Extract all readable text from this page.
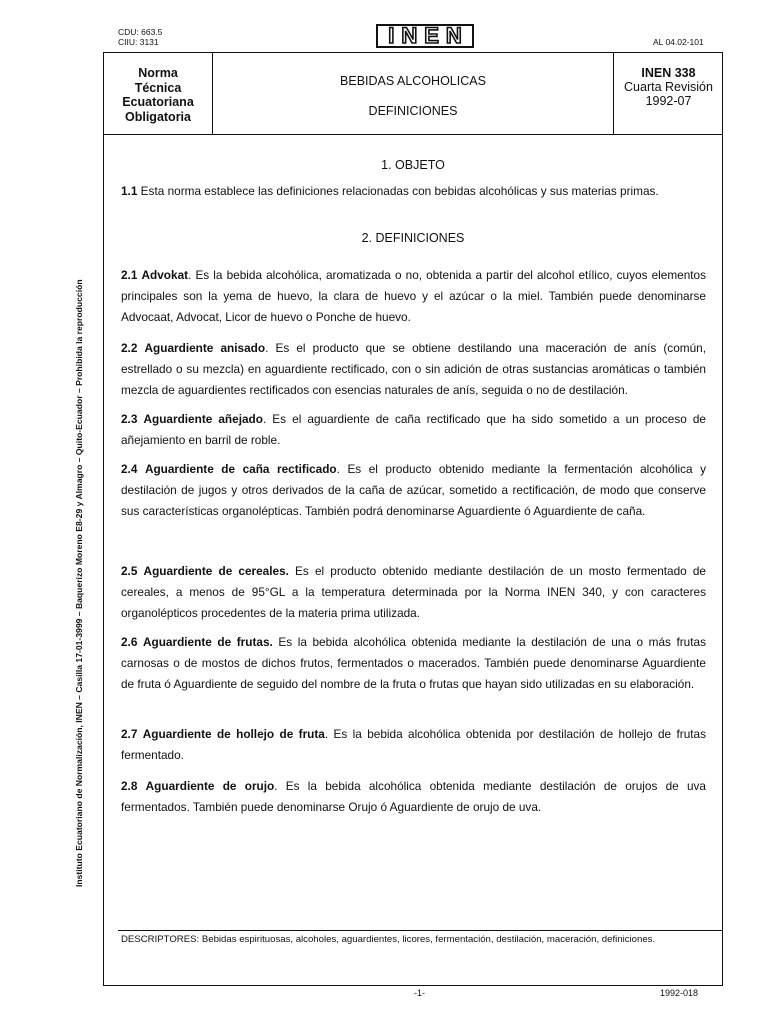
CDU: 663.5
CIIU: 3131	INEN	AL 04.02-101
Norma
Técnica
Ecuatoriana
Obligatoria
BEBIDAS ALCOHOLICAS
DEFINICIONES
INEN 338
Cuarta Revisión
1992-07
1. OBJETO

1.1 Esta norma establece las definiciones relacionadas con bebidas alcohólicas y sus materias primas.

2. DEFINICIONES

2.1 Advokat. Es la bebida alcohólica, aromatizada o no, obtenida a partir del alcohol etílico, cuyos elementos principales son la yema de huevo, la clara de huevo y el azúcar o la miel. También puede denominarse Advocaat, Advocat, Licor de huevo o Ponche de huevo.

2.2 Aguardiente anisado. Es el producto que se obtiene destilando una maceración de anís (común, estrellado o su mezcla) en aguardiente rectificado, con o sin adición de otras sustancias aromáticas o también mezcla de aguardientes rectificados con esencias naturales de anís, seguida o no de destilación.

2.3 Aguardiente añejado. Es el aguardiente de caña rectificado que ha sido sometido a un proceso de añejamiento en barril de roble.

2.4 Aguardiente de caña rectificado. Es el producto obtenido mediante la fermentación alcohólica y destilación de jugos y otros derivados de la caña de azúcar, sometido a rectificación, de modo que conserve sus características organolépticas. También podrá denominarse Aguardiente ó Aguardiente de caña.

2.5 Aguardiente de cereales. Es el producto obtenido mediante destilación de un mosto fermentado de cereales, a menos de 95°GL a la temperatura determinada por la Norma INEN 340, y con caracteres organolépticos procedentes de la materia prima utilizada.

2.6 Aguardiente de frutas. Es la bebida alcohólica obtenida mediante la destilación de una o más frutas carnosas o de mostos de dichos frutos, fermentados o macerados. También puede denominarse Aguardiente de fruta ó Aguardiente de seguido del nombre de la fruta o frutas que hayan sido utilizadas en su elaboración.

2.7 Aguardiente de hollejo de fruta. Es la bebida alcohólica obtenida por destilación de hollejo de frutas fermentado.

2.8 Aguardiente de orujo. Es la bebida alcohólica obtenida mediante destilación de orujos de uva fermentados. También puede denominarse Orujo ó Aguardiente de orujo de uva.

DESCRIPTORES: Bebidas espirituosas, alcoholes, aguardientes, licores, fermentación, destilación, maceración, definiciones.
-1-	1992-018
Instituto Ecuatoriano de Normalización, INEN – Casilla 17-01-3999 – Baquerizo Moreno E8-29 y Almagro – Quito-Ecuador – Prohibida la reproducción
